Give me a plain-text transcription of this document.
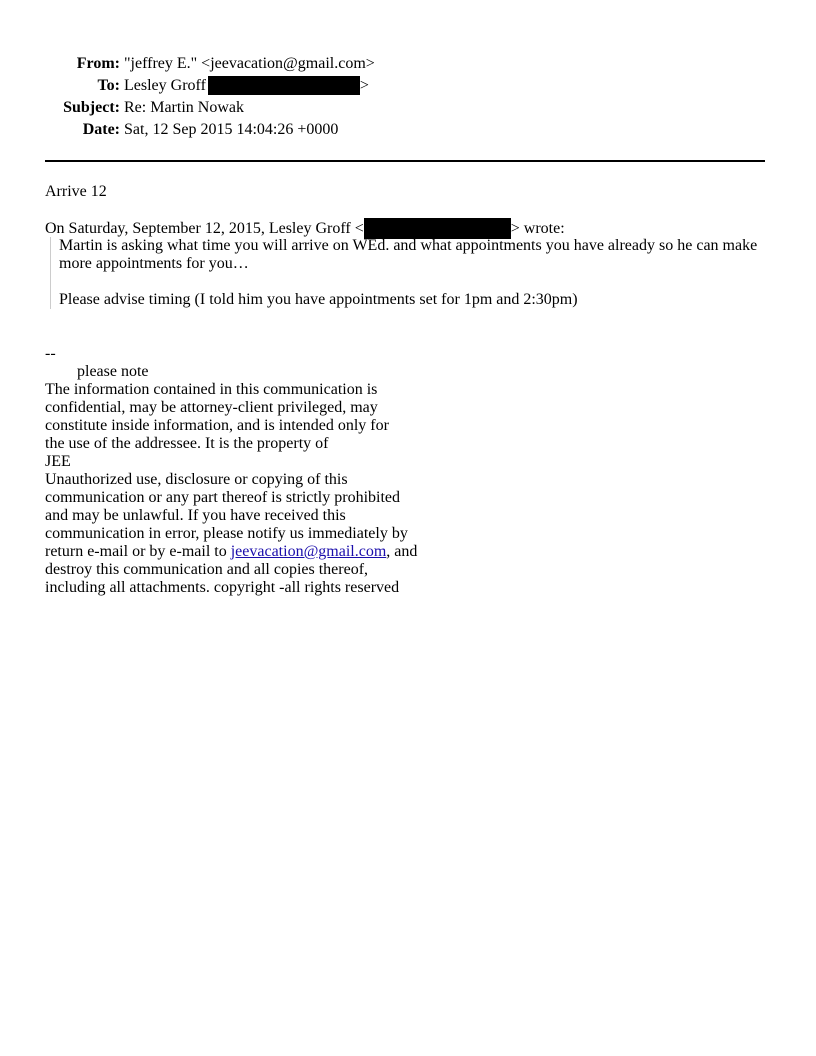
From: "jeffrey E." <jeevacation@gmail.com>
To: Lesley Groff	>
Subject: Re: Martin Nowak
Date: Sat, 12 Sep 2015 14:04:26 +0000
Arrive 12
On Saturday, September 12, 2015, Lesley Groff <	> wrote:

Martin is asking what time you will arrive on WEd. and what appointments you have already so he can make more appointments for you…

Please advise timing (I told him you have appointments set for 1pm and 2:30pm)

--
please note
The information contained in this communication is
confidential, may be attorney-client privileged, may
constitute inside information, and is intended only for
the use of the addressee. It is the property of
JEE
Unauthorized use, disclosure or copying of this
communication or any part thereof is strictly prohibited
and may be unlawful. If you have received this
communication in error, please notify us immediately by
return e-mail or by e-mail to jeevacation@gmail.com, and
destroy this communication and all copies thereof,
including all attachments. copyright -all rights reserved
